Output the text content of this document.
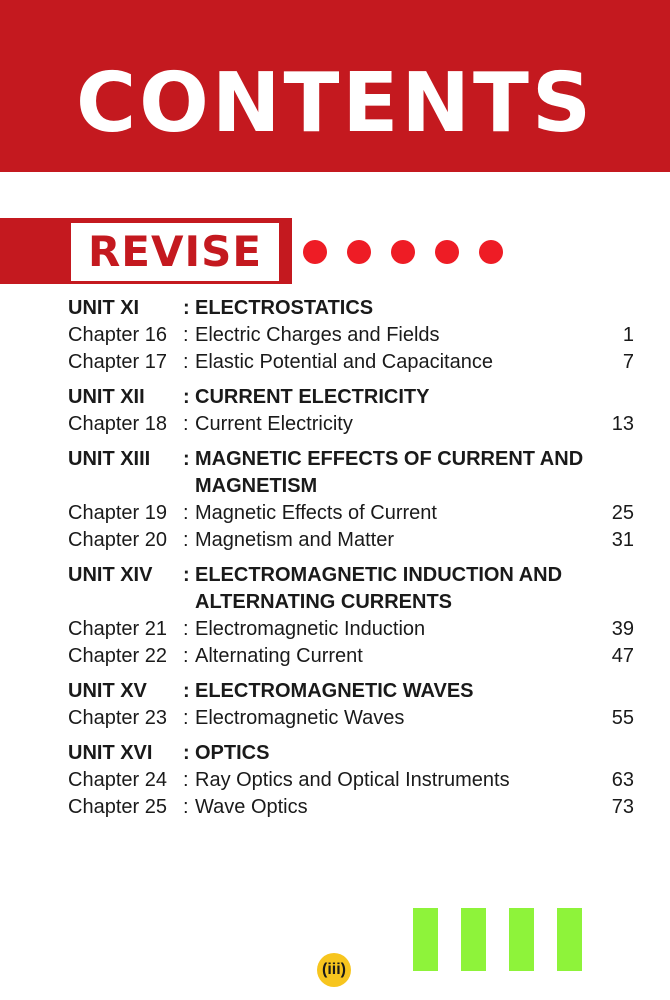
CONTENTS
REVISE
UNIT XI : ELECTROSTATICS
Chapter 16 : Electric Charges and Fields	1
Chapter 17 : Elastic Potential and Capacitance	7
UNIT XII : CURRENT ELECTRICITY
Chapter 18 : Current Electricity	13
UNIT XIII : MAGNETIC EFFECTS OF CURRENT AND
MAGNETISM
Chapter 19 : Magnetic Effects of Current	25
Chapter 20 : Magnetism and Matter	31
UNIT XIV : ELECTROMAGNETIC INDUCTION AND
ALTERNATING CURRENTS
Chapter 21 : Electromagnetic Induction	39
Chapter 22 : Alternating Current	47
UNIT XV : ELECTROMAGNETIC WAVES
Chapter 23 : Electromagnetic Waves	55
UNIT XVI : OPTICS
Chapter 24 : Ray Optics and Optical Instruments	63
Chapter 25 : Wave Optics	73
(iii)
